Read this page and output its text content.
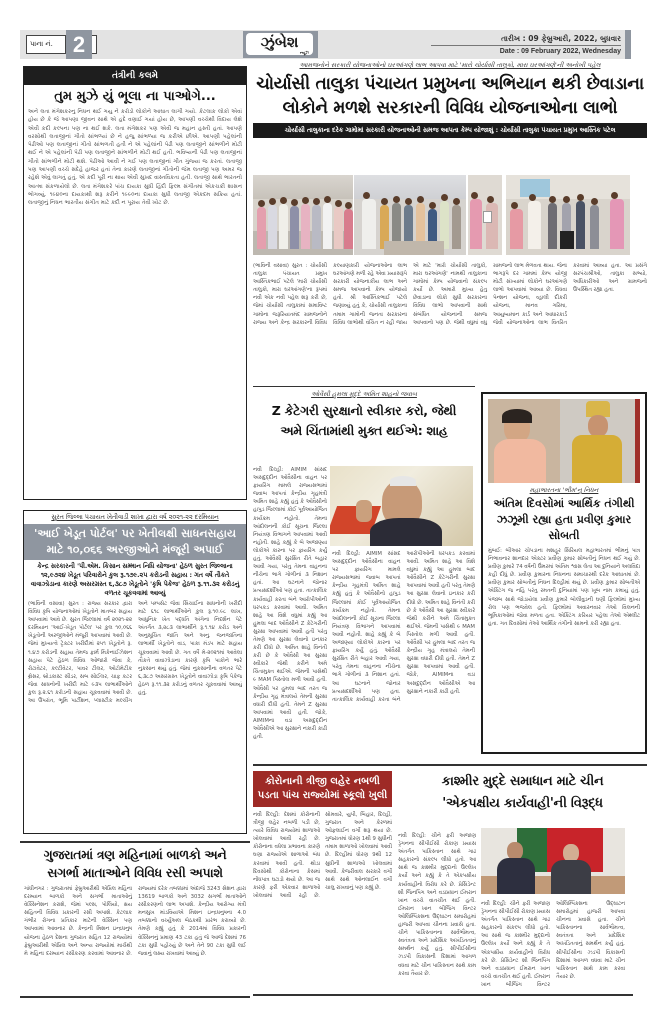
પાના નં. 2	ઝુંબેશ
ન્યૂઝ
તારીખ : 09 ફેબ્રુઆરી, 2022, બુધવાર
Date : 09 February 2022, Wednesday
તંત્રીની કલમે
તુમ મુઝે યું ભૂલા ના પાઓગે...
અને લતા મંગેશકરનુ નિધન થઈ ગયુ ને કરોડો લોકોને આઘાત લાગી ગયો. કેટલાક લોકો એવાં હોય છે કે જે આપણા જીવન સાથે એ હદે વણાઈ ગયાં હોય છે, આપણી વચ્ચેથી વિદાય લેશે એવી કદી કલ્પના પણ ના થઈ શકે. લતા મંગેશકર પણ એવી જ મહાન હસ્તી હતાં. આપણે વરસોથી લતાજીનાં ગીતો સાંભળ્યાં છે ને હજુ સાંભળ્યા જ કરીએ છીએ. આપણી પહેલાંની પેઢીઓ પણ લતાજીનાં ગીતો સાંભળતી હતી ને એ પહેલાંની પેઢી પણ લતાજીને સાંભળીને મોટી થઈ ને એ પહેલાંની પેઢી પણ લતાજીને સાંભળીને મોટી થઈ હતી. ભવિષ્યની પેઢી પણ લતાજીનાં ગીતો સાંભળીને મોટી થશે. પેઢીઓ આવી ને ગઈ પણ લતાજીનાં ગીત ગુંજ્યા જ કરતાં. લતાજી પણ આપણી વચ્ચે સદેહે હાજર હતાં તેના કારણે લતાજીનાં ગીતોની જેમ લતાજી પણ અમર જ રહેશે એવું લાગતું હતું. એ કદી પૂરી ના થાય એવી સુખદ વાસ્તવિકતા હતી. લતાજી સાથે ભારતનો આત્મા સંકળાયેલો છે. લતા મંગેશકરે પાંચ દાયકા સુધી હિંદી ફિલ્મ સંગીતમાં એકચક્રી શાસન ભોગવ્યું. ૧૯૪૦ના દાયકાથી શરૂ કરીને ૧૯૯૦ના દાયકા સુધી લતાજી એકદમ સક્રિય હતાં. લતાજીનું નિધન ભારતીય સંગીત માટે કદી ન પૂરાય તેવી ખોટ છે.
સુરત જિલ્લા પંચાયત ખેતીવાડી શાખા દ્વારા વર્ષ ૨૦૨૧-૨૨ દરમિયાન
'આઈ ખેડૂત પોર્ટલ' પર ખેતીલક્ષી સાધનસહાય
માટે ૧૦,૦૬૬ અરજીઓને મંજૂરી અપાઈ
કેન્દ્ર સરકારની 'પી.એમ. કિસાન સમ્માન નિધિ યોજના' હેઠળ સુરત જિલ્લાના ૧૨,૯૭૨૪ ખેડૂત પરિવારોને કુલ રૂ.૧૭૯.૨૫ કરોડની સહાય : ગત વર્ષે તૌકતે વાવાઝોડાના કારણે અસરગ્રસ્ત ૬,૩૮૭ ખેડૂતોને 'કૃષિ પેકેજ' હેઠળ રૂ.૧૧.૩૨ કરોડનું વળતર ચૂકવવામાં આવ્યું
(ભાવિની વસાવા) સુરત : રાજ્ય સરકાર દ્વારા વિવિધ કૃષિ યોજનાઓમાં ખેડૂતોને માતબર સહાય આપવામાં આવે છે. સુરત જિલ્લામાં વર્ષ ૨૦૨૧-૨૨ દરમિયાન 'આઈ-ખેડૂત પોર્ટલ' પર કુલ ૧૦,૦૬૬ ખેડૂતોની અરજીઓને મંજૂરી આપવામાં આવી છે. જેમાં મુખ્યત્વે ટ્રેક્ટર ખરીદીમાં ૨૫૧ ખેડૂતોને રૂ. ૧.૪૭ કરોડની સહાય તેમજ ફાર્મ મિકેનાઈઝેશન સહાય પેટે હેઠળ વિવિધ ઓજારો જેવા કે, રોટાવેટર, કલ્ટીવેટર, પાવર ટીલર, ઓટોમેટીક થ્રેસર, બ્રોડકાસ્ટ સીડર, સબ સોઈલર, ચાફ કટર જેવા સાધનોની ખરીદી માટે ૯૩૫ લાભાર્થીઓને કુલ રૂ.૨.૬૧ કરોડની સહાય ચૂકવવામાં આવી છે. આ ઉપરાંત, ભૂમિ પાર્ટીશન, પ્લાસ્ટીક મલ્ચીંગ અને પમ્પસેટ જેવા સિંચાઈના સાધનોની ખરીદી માટે ૬૧૮ લાભાર્થીઓને કુલ રૂ.૧૦.૯૮ લાખ, આધુનિક ખેત પદ્ધતિ અંગેના નિદર્શન પેટે અંતર્ગત ૩,૨૮૩ લાભાર્થીને રૂ.૧.૧૪ કરોડ અને અનુસૂચિત જાતિ અને અનુ. જનજાતિના લાભાર્થી ખેડૂતોને વાડ, પાકા મંડપ માટે સહાય ચૂકવવામાં આવી છે. ગત વર્ષે મે-૨૦૨૧માં આવેલા તૌકતે વાવાઝોડાના કારણે કૃષિ પાકોને ભારે નુકસાન થયું હતું. જેમાં નુકસાનીના વળતર પેટે ૬,૩૮૭ અસરગ્રસ્ત ખેડૂતોને વાવાઝોડા કૃષિ પેકેજ હેઠળ રૂ.૧૧.૩૨ કરોડનું વળતર ચૂકવવામાં આવ્યું હતું.
ગુજરાતમાં ત્રણ મહિનામાં બાળકો અને
સગર્ભા માતાઓને વિવિધ રસી અપાશે
ગાંધીનગર : ગુજરાતમાં ફેબ્રુઆરીથી એપ્રિલ મહિના દરમ્યાન બાળકો અને સગર્ભા માતાઓનું વેક્સિનેશન કરાશે, જેમાં પલ્સ, પોલિયો, ક્ષય સહિતની વિવિધ પ્રકારની રસી અપાશે. કેટલાક ગંભીર રોગના પ્રતિકાર માટેની વેક્સિન પણ આપવામાં આવનાર છે. કેન્દ્રની મિશન ઇન્દ્રધનુષ યોજના હેઠળ દેશના ગુજરાત સહિત 12 રાજ્યોમાં ફેબ્રુઆરીથી એપ્રિલ અને અન્ય રાજ્યોમાં માર્ચથી મે મહિના દરમ્યાન રસીકરણ કરવામાં આવનાર છે. રાજ્યમાં દરેક તબક્કામાં અંદાજે 3243 સેશન દ્વારા 13619 બાળકો અને 3032 સગર્ભા માતાઓને રસીકરણનો લાભ અપાશે. કેન્દ્રીય આરોગ્ય મંત્રી મનસુખ માંડવિયાએ મિશન ઇન્દ્રધનુષના 4.0 તબક્કાનો વર્ચ્યુઅલ બેઠકથી પ્રારંભ કરાવ્યો છે. તેમણે કહ્યું હતું કે 2014માં વિવિધ પ્રકારની વેક્સિનનું પ્રમાણ 43 ટકા હતું જે આજે દેશમાં 76 ટકા સુધી પહોંચ્યું છે અને તેને 90 ટકા સુધી લઈ જવાનું લક્ષ્ય રાખવામાં આવ્યું છે.
આમજનોને સરકારી યોજનાઓનો ઘરઆંગણે લાભ આપવા માટે 'મારો ચોર્યાસી તાલુકો, મારા ઘરઆંગણે'ની અનોખી પહેલ
ચોર્યાસી તાલુકા પંચાયત પ્રમુખના અભિયાન થકી છેવાડાના
લોકોને મળશે સરકારની વિવિધ યોજનાઓના લાભો
ચોર્યાસી તાલુકાના દરેક ગામોમાં સરકારી યોજનાઓની સમજ આપતા કેમ્પ યોજાશું : ચોર્યાસી તાલુકા પંચાયત પ્રમુખ આસ્તિક પટેલ
(ભાવિની વસાવા) સુરત : ચોર્યાસી તાલુકા પંચાયત પ્રમુખ આસ્તિકભાઈ પટેલે 'મારો ચોર્યાસી તાલુકો, મારા ઘરઆંગણે'ના રૂપમાં નવી એક નવી પહેલ શરૂ કરી છે, જેમાં ચોર્યાસી તાલુકામાં સમાવિષ્ટ ગામોના જરૂરિયાતમંદ ગ્રામજનોને રાજ્ય અને કેન્દ્ર સરકારની વિવિધ કલ્યાણકારી યોજનાઓના લાભ ઘરઆંગણે મળી રહે એવા પ્રયાસરૂપે સરકારી યોજનાકીય લાભ અને સમજ આપવાનો કેમ્પ યોજાયો હતો. શ્રી આસ્તિકભાઈ પટેલે જણાવ્યું હતું કે, ચોર્યાસી તાલુકાના તમામ ગામોની જનતા સરકારના વિવિધ લાભોથી વંચિત ન રહી જાય એ માટે 'મારો ચોર્યાસી તાલુકો, મારા ઘરઆંગણે' નામથી તાલુકાના ગામોમાં કેમ્પ યોજવાનો સંકલ્પ કર્યો છે. અમારો મુખ્ય હેતુ છેવાડાના લોકો સુધી સરકારના વિવિધ લાભો આપવાની સાથે સંબંધિત યોજનાની સમજ આપવાનો પણ છે. જેથી વધુમાં વધુ ગ્રામજનો લાભ મેળવતા થાય. જેના ભાગરૂપે દર ગામમાં કેમ્પ યોજી મોટી સંખ્યામાં લોકોને ઘરઆંગણે લાભો આપવામાં આવ્યા છે. વિધવા પેન્શન યોજના, વ્હાલી દીકરી યોજના, માનવ ગરિમા, આયુષ્યમાન કાર્ડ અને આધારકાર્ડ જેવી યોજનાઓના લાભ વિતરિત કરવામાં આવ્યા હતા. આ પ્રસંગે સરપંચશ્રીઓ, તાલુકા સભ્યો, અધિકારીઓ અને ગ્રામજનો ઉપસ્થિત રહ્યા હતા.
ઓવૈસી હુમલા મુદ્દે અમિત શાહનો જવાબ
Z કેટેગરી સુરક્ષાનો સ્વીકાર કરો, જેથી
અમે ચિંતામાંથી મુક્ત થઈએ: શાહ
નવી દિલ્હી: AIMIM સાંસદ અસદુદ્દીન ઓવૈસીના વાહન પર ફાયરિંગ મામલે રાજ્યસભામાં જવાબ આપતાં કેન્દ્રીય ગૃહમંત્રી અમિત શાહે કહ્યું હતું કે ઓવૈસીનો હાપુડ જિલ્લામાં કોઈ પૂર્વઆયોજિત કાર્યક્રમ નહોતો. તેમના આંદોલનની કોઈ સૂચના જિલ્લા નિયંત્રણ વિભાગને આપવામાં આવી નહોતી. શાહે કહ્યું કે બે અજાણ્યા લોકોએ કારના પર ફાયરિંગ કર્યું હતું. ઓવૈસી સુરક્ષિત રીતે બહાર આવી ગયા, પરંતુ તેમના વાહનના નીચેના ભાગે ગોળીનાં ૩ નિશાન હતાં. આ ઘટનાને જોનાર પ્રત્યક્ષદર્શીઓ પણ હતા. તાત્કાલિક કાર્યવાહી કરતા બંને આરોપીઓની ધરપકડ કરવામાં આવી. અમિત શાહે આ વિશે વધુમાં કહ્યું આ હુમલા બાદ ઓવૈસીને Z કેટેગરીની સુરક્ષા આપવામાં આવી હતી પરંતુ તેમણે આ સુરક્ષા લેવાનો ઇનકાર કરી દીધો છે. અમિત શાહે વિનંતી કરી છે કે ઓવૈસી આ સુરક્ષા સ્વીકારે જેથી કરીને અમે ચિંતામુક્ત થઈએ. જેમની પાસેથી ૯ MAM પિસ્તોલ મળી આવી હતી. ઓવૈસી પર હુમલા બાદ તરત જ કેન્દ્રીય ગૃહ મંત્રાલયે તેમની સુરક્ષા વધારી દીધી હતી. તેમને Z સુરક્ષા આપવામાં આવી હતી. જોકે, AIMIMના વડા અસદુદ્દીન ઓવૈસીએ આ સુરક્ષાને નકારી કાઢી હતી.
નવી દિલ્હી: AIMIM સાંસદ અસદુદ્દીન ઓવૈસીના વાહન પર ફાયરિંગ મામલે રાજ્યસભામાં જવાબ આપતાં કેન્દ્રીય ગૃહમંત્રી અમિત શાહે કહ્યું હતું કે ઓવૈસીનો હાપુડ જિલ્લામાં કોઈ પૂર્વઆયોજિત કાર્યક્રમ નહોતો. તેમના આંદોલનની કોઈ સૂચના જિલ્લા નિયંત્રણ વિભાગને આપવામાં આવી નહોતી. શાહે કહ્યું કે બે અજાણ્યા લોકોએ કારના પર ફાયરિંગ કર્યું હતું. ઓવૈસી સુરક્ષિત રીતે બહાર આવી ગયા, પરંતુ તેમના વાહનના નીચેના ભાગે ગોળીનાં ૩ નિશાન હતાં. આ ઘટનાને જોનાર પ્રત્યક્ષદર્શીઓ પણ હતા. તાત્કાલિક કાર્યવાહી કરતા બંને આરોપીઓની ધરપકડ કરવામાં આવી. અમિત શાહે આ વિશે વધુમાં કહ્યું આ હુમલા બાદ ઓવૈસીને Z કેટેગરીની સુરક્ષા આપવામાં આવી હતી પરંતુ તેમણે આ સુરક્ષા લેવાનો ઇનકાર કરી દીધો છે. અમિત શાહે વિનંતી કરી છે કે ઓવૈસી આ સુરક્ષા સ્વીકારે જેથી કરીને અમે ચિંતામુક્ત થઈએ. જેમની પાસેથી ૯ MAM પિસ્તોલ મળી આવી હતી. ઓવૈસી પર હુમલા બાદ તરત જ કેન્દ્રીય ગૃહ મંત્રાલયે તેમની સુરક્ષા વધારી દીધી હતી. તેમને Z સુરક્ષા આપવામાં આવી હતી. જોકે, AIMIMના વડા અસદુદ્દીન ઓવૈસીએ આ સુરક્ષાને નકારી કાઢી હતી.
મહાભારતના 'ભીમ'નુ નિધન
અંતિમ દિવસોમાં આર્થિક તંગીથી
ઝઝૂમી રહ્યા હતા પ્રવીણ કુમાર સોબતી
મુંબઈ: બીઆર ચોપડાના મશહૂર સિરિયલ મહાભારતમાં ભીમનું પાત્ર નિભાવનાર શાનદાર એક્ટર પ્રવીણ કુમાર સોબતીનું નિધન થઈ ગયું છે. પ્રવીણ કુમારે 74 વર્ષની ઉંમરમાં અંતિમ શ્વાસ લેતા આ દુનિયાને અલવિદા કહી દીધું છે. પ્રવીણ કુમારના નિધનના સમાચારથી દરેક આઘાતમાં છે. પ્રવીણ કુમાર સોબતીનું નિધન દિલ્હીમાં થયું છે. પ્રવીણ કુમાર સોબતીએ એક્ટિંગ જ નહિ પરંતુ રમતની દુનિયામાં પણ ખૂબ નામ કમાયું હતું. પંજાબ સાથે જોડાયેલા પ્રવીણ કુમારે બોલીવુડની ઘણી ફિલ્મોમાં મુખ્ય રોલ પણ ભજવેલ હતો. ફિલ્મોમાં અવારનવાર તેઓ વિલનની ભૂમિકાઓમાં જોવા મળતા હતા. એક્ટિંગ કરિયર પહેલા તેઓ એથ્લીટ હતા. ગત દિવસોમાં તેઓ આર્થિક તંગીનો સામનો કરી રહ્યા હતા.
કોરોનાની ત્રીજી લહેર નબળી
પડતા પાંચ રાજ્યોમાં સ્કૂલો ખુલી
નવી દિલ્હી: દેશમાં કોરોનાની ત્રીજી લહેર નબળી પડી છે, ત્યારે વિવિધ રાજ્યોમાં શાળાઓ ખોલવામાં આવી રહી છે. કોરોનાના વધેલા પ્રભાવના કારણે ઘણા રાજ્યોએ શાળાઓ બંધ કરવામાં આવી હતી. થોડા દિવસોથી કોરોનાના કેસમાં નોંધપાત્ર ઘટાડો થયો છે. આ જ કારણે ફરી એકવાર શાળાઓ ખોલવામાં આવી રહી છે. સોમવારે, યુપી, બિહાર, દિલ્હી, ગુજરાત અને કેરળમાં ઓફલાઈન વર્ગો શરૂ થયા છે. ગુજરાતમાં ધોરણ 1થી 9 સુધીની તમામ શાળાઓ ખોલવામાં આવી છે. દિલ્હીમાં ધોરણ 9થી 12 સુધીની શાળાઓ ખોલવામાં આવી. કેજરીવાલ સરકારે વર્ગો સાથે સાથે ઓનલાઈન વર્ગો ચાલુ રાખવાનું પણ કહ્યું છે.
કાશ્મીર મુદ્દે સમાધાન માટે ચીન
'એકપક્ષીય કાર્યવાહી'ની વિરૂદ્ધ
નવી દિલ્હી: ચીને ફરી અજાણ ડ્રેગનના સીપીઈસી રોકાણ પ્રયાસ અંતર્ગત પાકિસ્તાન સાથે ગાઢ સહકારનો સંકલ્પ લીધો હતો. આ સાથે જ કાશ્મીર મુદ્દાનો ઉલ્લેખ કર્યો અને કહ્યું કે તે એકપક્ષીય કાર્યવાહીનો વિરોધ કરે છે. પ્રેસિડેન્ટ શી જિનપિંગ અને વડાપ્રધાન ઈમરાન ખાન વચ્ચે વાતચીત થઈ હતી. ઈમરાન ખાન બીજિંગ વિન્ટર ઓલિમ્પિક્સના ઉદ્ઘાટન સમારોહમાં હાજરી આપવા ચીનના પ્રવાસે હતા. ચીને પાકિસ્તાનના સાર્વભૌમત્વ, સ્વતંત્રતા અને પ્રાદેશિક અખંડિતતાનું સમર્થન કર્યું હતું. સીપીઈસીના ઝડપી વિકાસની દિશામાં આગળ વધવા માટે ચીન પાકિસ્તાન સાથે કામ કરવા તૈયાર છે.
નવી દિલ્હી: ચીને ફરી અજાણ ડ્રેગનના સીપીઈસી રોકાણ પ્રયાસ અંતર્ગત પાકિસ્તાન સાથે ગાઢ સહકારનો સંકલ્પ લીધો હતો. આ સાથે જ કાશ્મીર મુદ્દાનો ઉલ્લેખ કર્યો અને કહ્યું કે તે એકપક્ષીય કાર્યવાહીનો વિરોધ કરે છે. પ્રેસિડેન્ટ શી જિનપિંગ અને વડાપ્રધાન ઈમરાન ખાન વચ્ચે વાતચીત થઈ હતી. ઈમરાન ખાન બીજિંગ વિન્ટર ઓલિમ્પિક્સના ઉદ્ઘાટન સમારોહમાં હાજરી આપવા ચીનના પ્રવાસે હતા. ચીને પાકિસ્તાનના સાર્વભૌમત્વ, સ્વતંત્રતા અને પ્રાદેશિક અખંડિતતાનું સમર્થન કર્યું હતું. સીપીઈસીના ઝડપી વિકાસની દિશામાં આગળ વધવા માટે ચીન પાકિસ્તાન સાથે કામ કરવા તૈયાર છે.
